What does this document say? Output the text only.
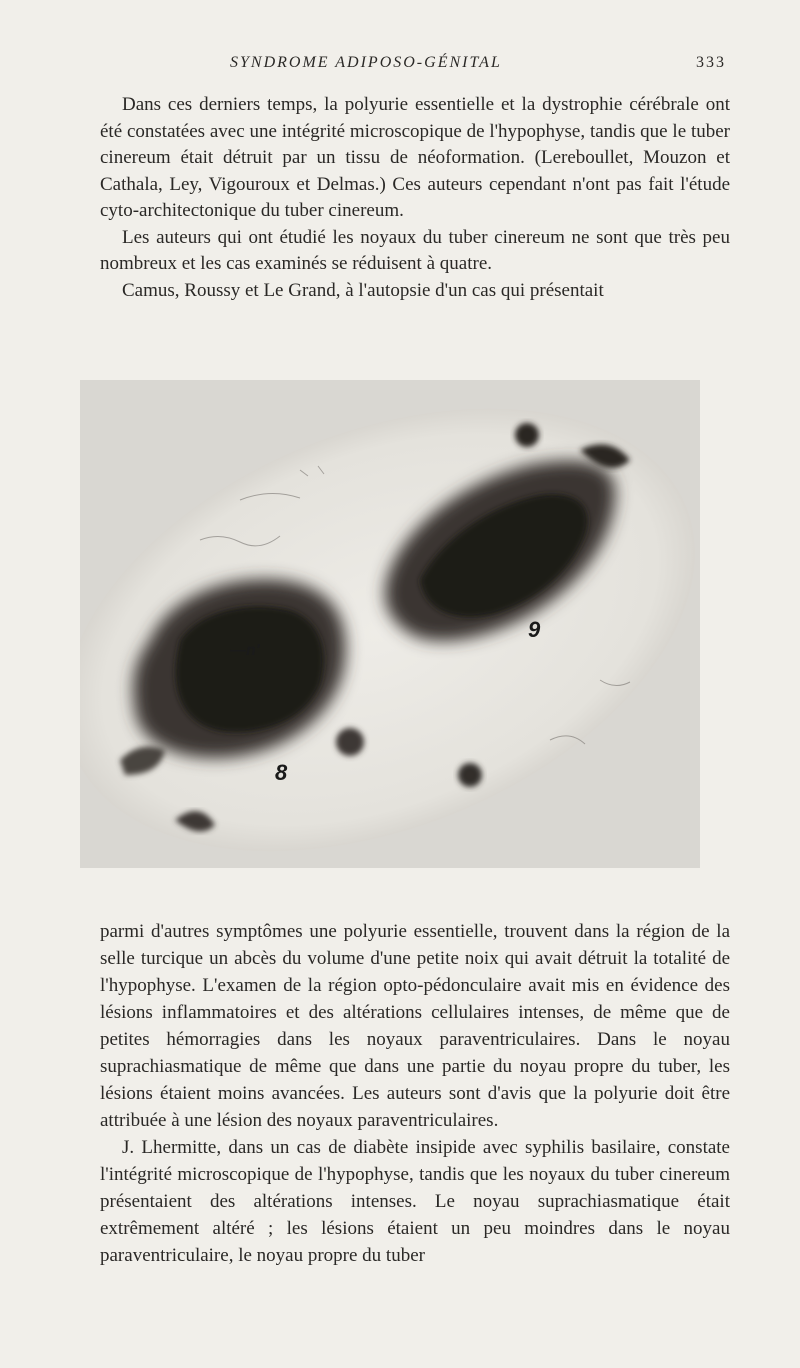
SYNDROME ADIPOSO-GÉNITAL	333

Dans ces derniers temps, la polyurie essentielle et la dystrophie cérébrale ont été constatées avec une intégrité microscopique de l'hypophyse, tandis que le tuber cinereum était détruit par un tissu de néoformation. (Lereboullet, Mouzon et Cathala, Ley, Vigouroux et Delmas.) Ces auteurs cependant n'ont pas fait l'étude cyto-architectonique du tuber cinereum.

Les auteurs qui ont étudié les noyaux du tuber cinereum ne sont que très peu nombreux et les cas examinés se réduisent à quatre.

Camus, Roussy et Le Grand, à l'autopsie d'un cas qui présentait

—n'
9
8

parmi d'autres symptômes une polyurie essentielle, trouvent dans la région de la selle turcique un abcès du volume d'une petite noix qui avait détruit la totalité de l'hypophyse. L'examen de la région opto-pédonculaire avait mis en évidence des lésions inflammatoires et des altérations cellulaires intenses, de même que de petites hémorragies dans les noyaux paraventriculaires. Dans le noyau suprachiasmatique de même que dans une partie du noyau propre du tuber, les lésions étaient moins avancées. Les auteurs sont d'avis que la polyurie doit être attribuée à une lésion des noyaux paraventriculaires.

J. Lhermitte, dans un cas de diabète insipide avec syphilis basilaire, constate l'intégrité microscopique de l'hypophyse, tandis que les noyaux du tuber cinereum présentaient des altérations intenses. Le noyau suprachiasmatique était extrêmement altéré ; les lésions étaient un peu moindres dans le noyau paraventriculaire, le noyau propre du tuber
